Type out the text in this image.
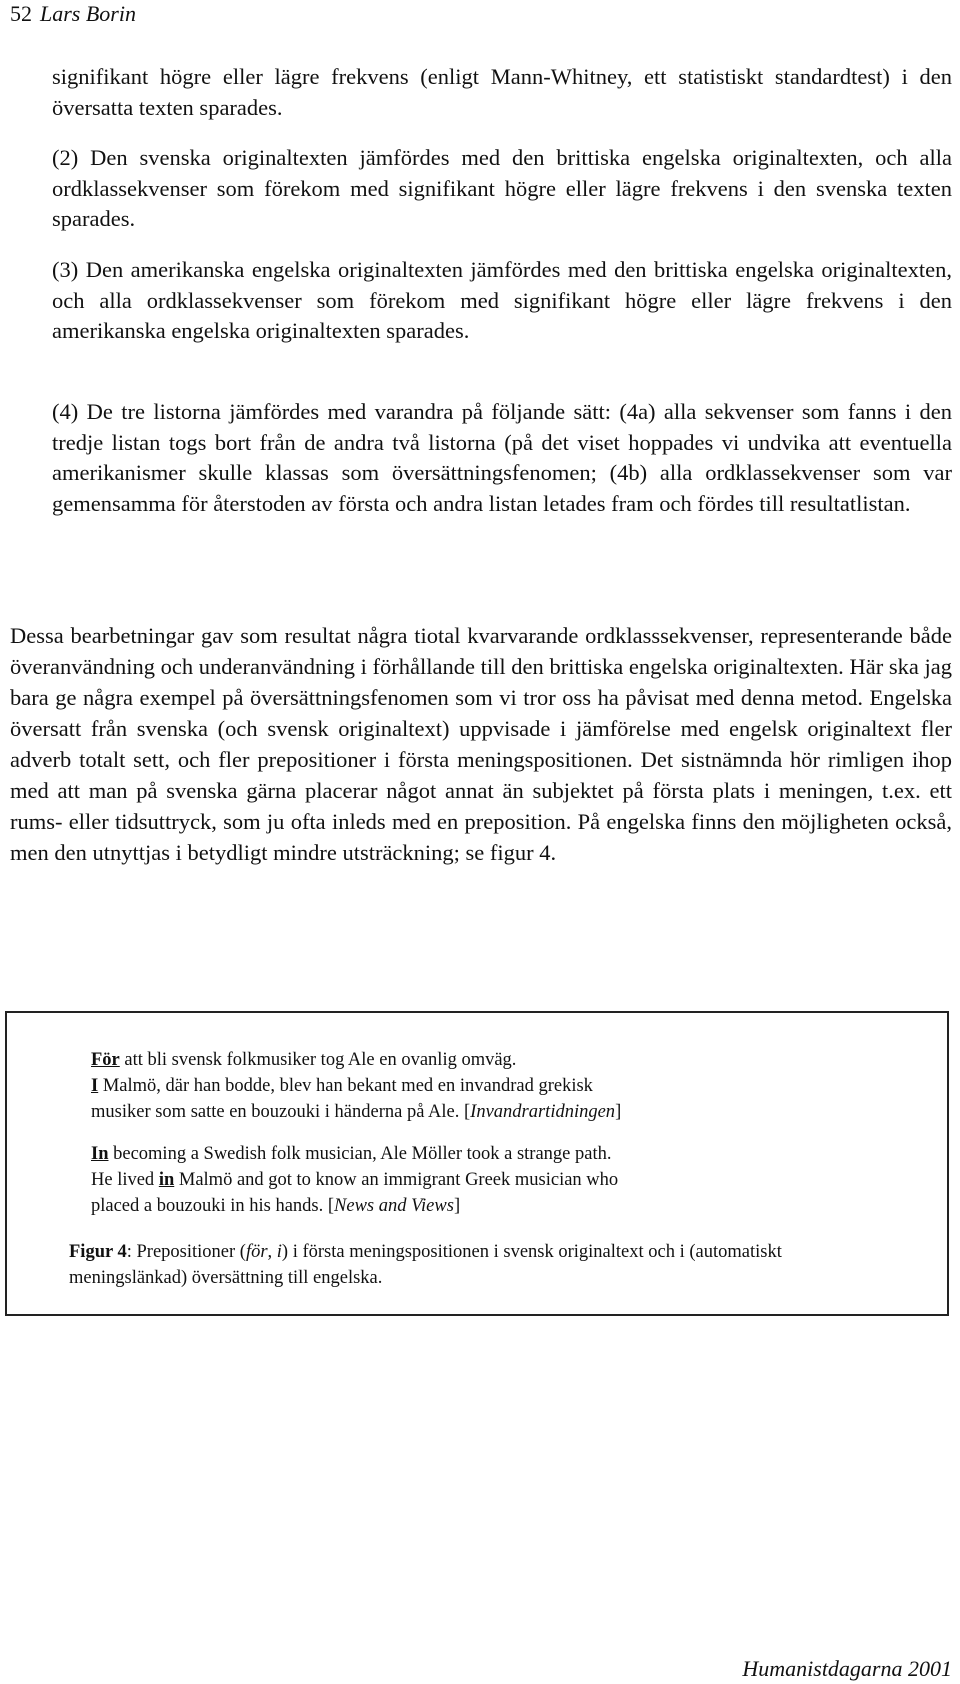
52 Lars Borin
signifikant högre eller lägre frekvens (enligt Mann-Whitney, ett statistiskt standardtest) i den översatta texten sparades.
(2) Den svenska originaltexten jämfördes med den brittiska engelska originaltexten, och alla ordklassekvenser som förekom med signifikant högre eller lägre frekvens i den svenska texten sparades.
(3) Den amerikanska engelska originaltexten jämfördes med den brittiska engelska originaltexten, och alla ordklassekvenser som förekom med signifikant högre eller lägre frekvens i den amerikanska engelska originaltexten sparades.
(4) De tre listorna jämfördes med varandra på följande sätt: (4a) alla sekvenser som fanns i den tredje listan togs bort från de andra två listorna (på det viset hoppades vi undvika att eventuella amerikanismer skulle klassas som översättningsfenomen; (4b) alla ordklassekvenser som var gemensamma för återstoden av första och andra listan letades fram och fördes till resultatlistan.
Dessa bearbetningar gav som resultat några tiotal kvarvarande ordklasssekvenser, representerande både överanvändning och underanvändning i förhållande till den brittiska engelska originaltexten. Här ska jag bara ge några exempel på översättningsfenomen som vi tror oss ha påvisat med denna metod. Engelska översatt från svenska (och svensk originaltext) uppvisade i jämförelse med engelsk originaltext fler adverb totalt sett, och fler prepositioner i första meningspositionen. Det sistnämnda hör rimligen ihop med att man på svenska gärna placerar något annat än subjektet på första plats i meningen, t.ex. ett rums- eller tidsuttryck, som ju ofta inleds med en preposition. På engelska finns den möjligheten också, men den utnyttjas i betydligt mindre utsträckning; se figur 4.
För att bli svensk folkmusiker tog Ale en ovanlig omväg.
I Malmö, där han bodde, blev han bekant med en invandrad grekisk
musiker som satte en bouzouki i händerna på Ale. [Invandrartidningen]
In becoming a Swedish folk musician, Ale Möller took a strange path.
He lived in Malmö and got to know an immigrant Greek musician who
placed a bouzouki in his hands. [News and Views]
Figur 4: Prepositioner (för, i) i första meningspositionen i svensk originaltext och i (automatiskt meningslänkad) översättning till engelska.
Humanistdagarna 2001
